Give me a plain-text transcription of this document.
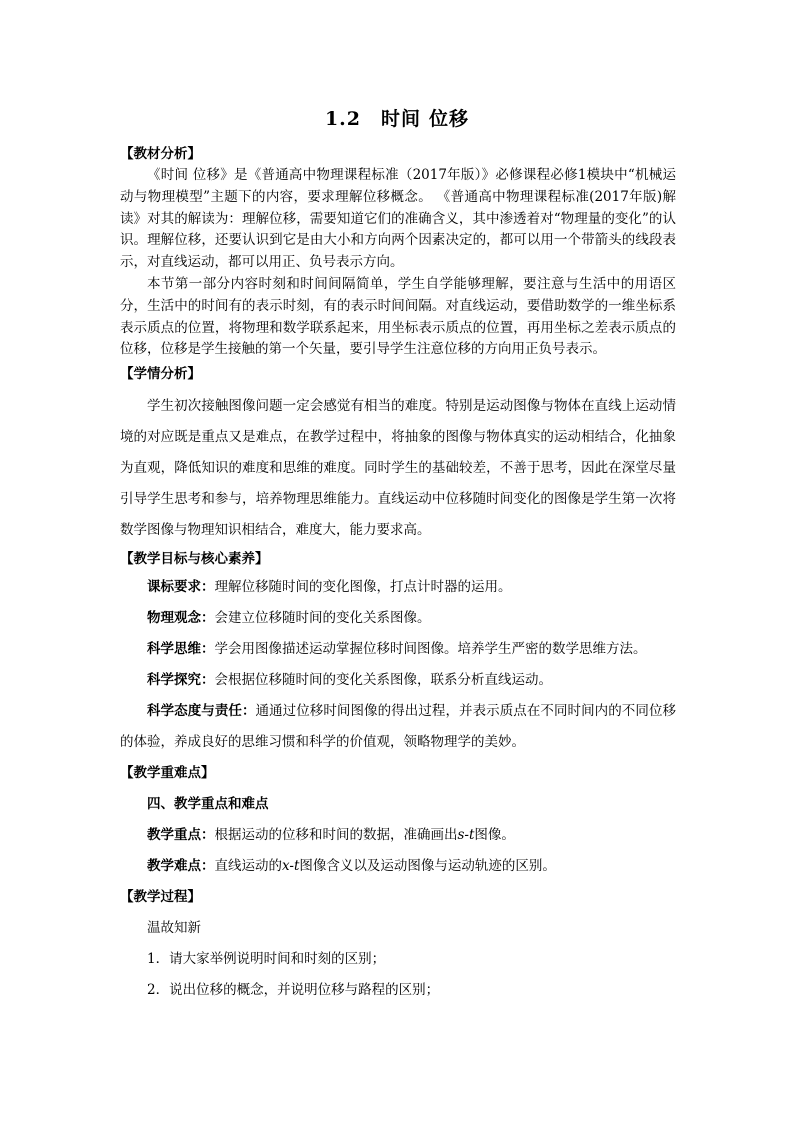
1.2 时间 位移

【教材分析】

《时间 位移》是《普通高中物理课程标准（2017年版）》必修课程必修1模块中“机械运动与物理模型”主题下的内容，要求理解位移概念。 《普通高中物理课程标准(2017年版)解读》对其的解读为：理解位移，需要知道它们的准确含义，其中渗透着对“物理量的变化”的认识。理解位移，还要认识到它是由大小和方向两个因素决定的，都可以用一个带箭头的线段表示，对直线运动，都可以用正、负号表示方向。

本节第一部分内容时刻和时间间隔简单，学生自学能够理解，要注意与生活中的用语区分，生活中的时间有的表示时刻，有的表示时间间隔。对直线运动，要借助数学的一维坐标系表示质点的位置，将物理和数学联系起来，用坐标表示质点的位置，再用坐标之差表示质点的位移，位移是学生接触的第一个矢量，要引导学生注意位移的方向用正负号表示。

【学情分析】

学生初次接触图像问题一定会感觉有相当的难度。特别是运动图像与物体在直线上运动情境的对应既是重点又是难点，在教学过程中，将抽象的图像与物体真实的运动相结合，化抽象为直观，降低知识的难度和思维的难度。同时学生的基础较差，不善于思考，因此在深堂尽量引导学生思考和参与，培养物理思维能力。直线运动中位移随时间变化的图像是学生第一次将数学图像与物理知识相结合，难度大，能力要求高。

【教学目标与核心素养】

课标要求：理解位移随时间的变化图像，打点计时器的运用。

物理观念：会建立位移随时间的变化关系图像。

科学思维：学会用图像描述运动掌握位移时间图像。培养学生严密的数学思维方法。

科学探究：会根据位移随时间的变化关系图像，联系分析直线运动。

科学态度与责任：通通过位移时间图像的得出过程，并表示质点在不同时间内的不同位移的体验，养成良好的思维习惯和科学的价值观，领略物理学的美妙。

【教学重难点】

四、教学重点和难点

教学重点：根据运动的位移和时间的数据，准确画出s-t图像。

教学难点：直线运动的x-t图像含义以及运动图像与运动轨迹的区别。

【教学过程】

温故知新

1．请大家举例说明时间和时刻的区别；

2．说出位移的概念，并说明位移与路程的区别；
